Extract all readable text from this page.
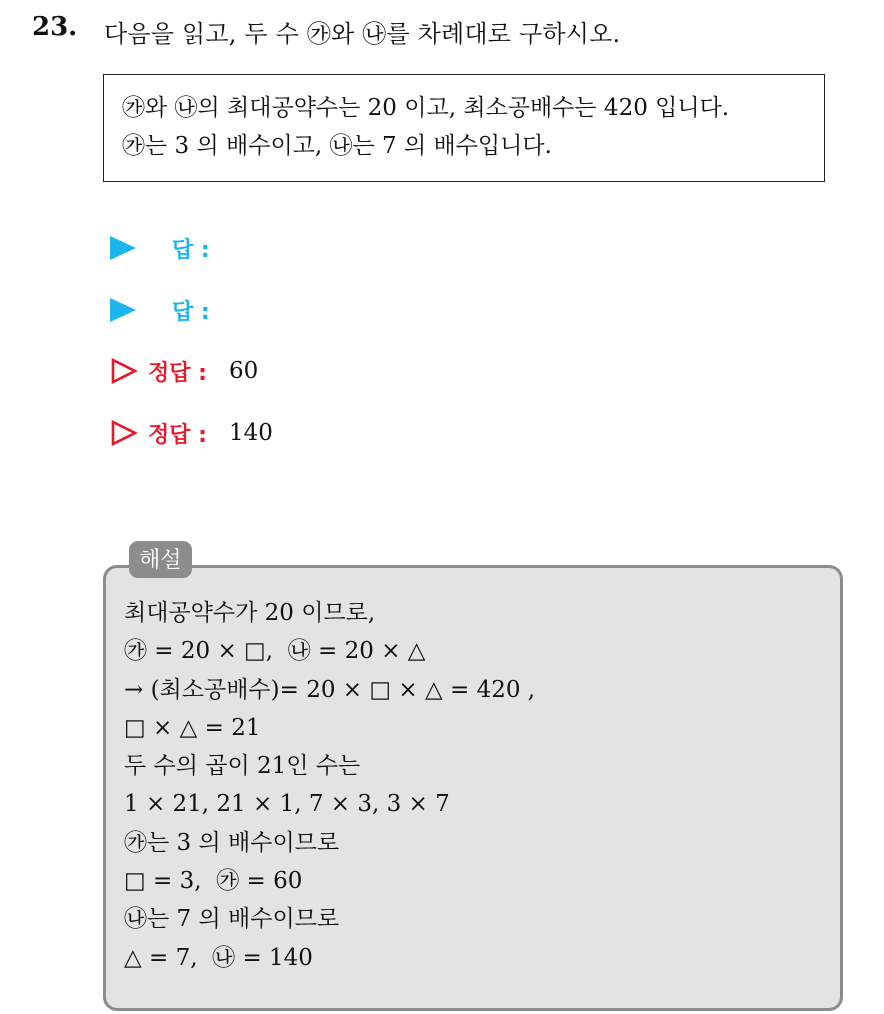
23. 다음을 읽고, 두 수 ㉮와 ㉯를 차례대로 구하시오.
㉮와 ㉯의 최대공약수는 20 이고, 최소공배수는 420 입니다.
㉮는 3 의 배수이고, ㉯는 7 의 배수입니다.
답 :
답 :
정답 : 60
정답 : 140
해설
최대공약수가 20 이므로,
㉮ = 20 × □,  ㉯ = 20 × △
→ (최소공배수)= 20 × □ × △ = 420 ,
□ × △ = 21
두 수의 곱이 21인 수는
1 × 21, 21 × 1, 7 × 3, 3 × 7
㉮는 3 의 배수이므로
□ = 3,  ㉮ = 60
㉯는 7 의 배수이므로
△ = 7,  ㉯ = 140
